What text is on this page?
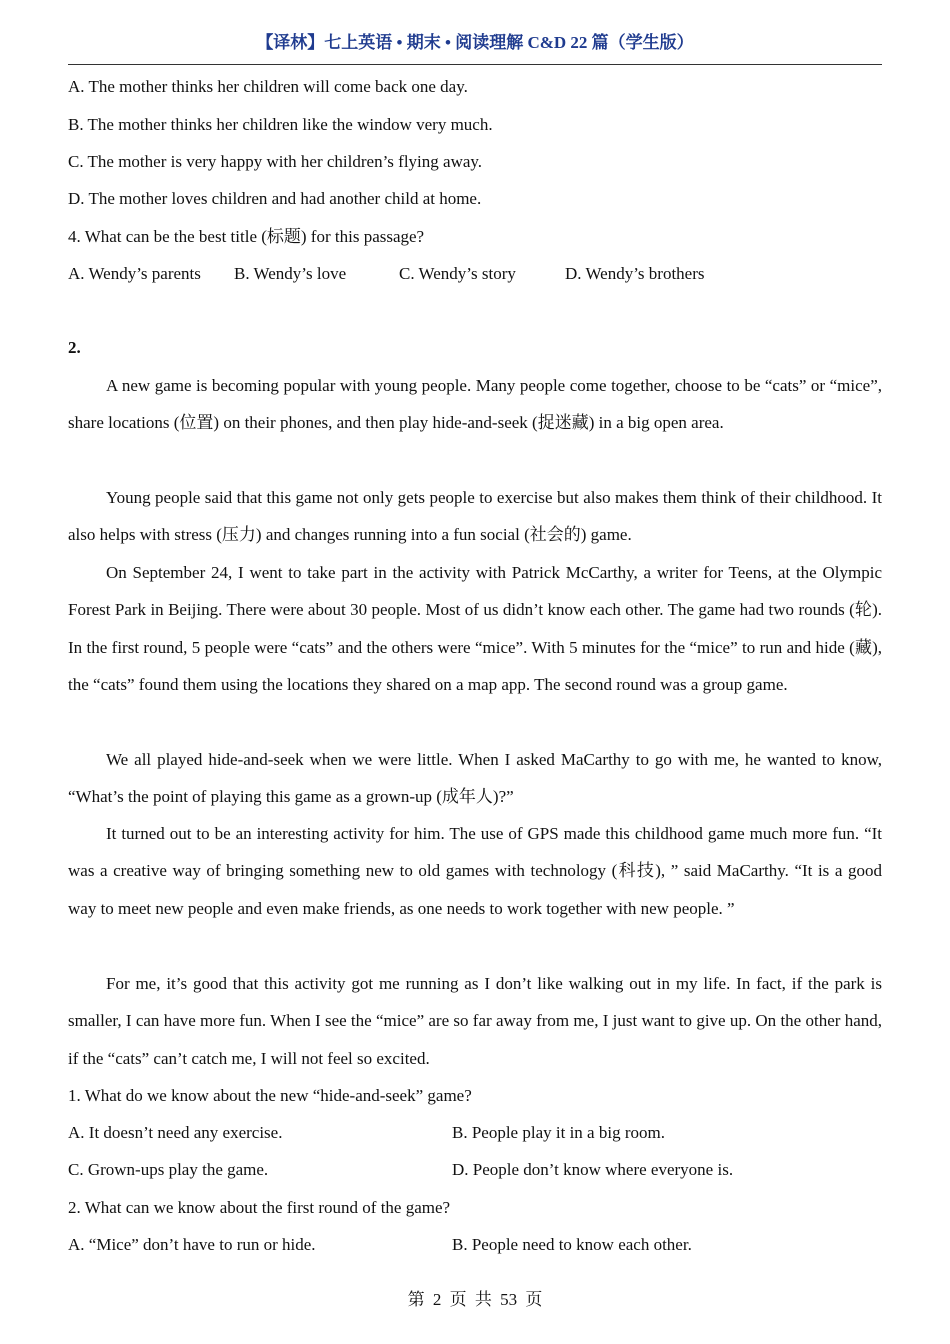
【译林】七上英语 • 期末 • 阅读理解 C&D 22 篇（学生版）
A. The mother thinks her children will come back one day.
B. The mother thinks her children like the window very much.
C. The mother is very happy with her children’s flying away.
D. The mother loves children and had another child at home.
4. What can be the best title (标题) for this passage?
A. Wendy’s parents B. Wendy’s love	C. Wendy’s story	D. Wendy’s brothers
2.
A new game is becoming popular with young people. Many people come together, choose to be “cats” or “mice”, share locations (位置) on their phones, and then play hide-and-seek (捉迷藏) in a big open area.
Young people said that this game not only gets people to exercise but also makes them think of their childhood. It also helps with stress (压力) and changes running into a fun social (社会的) game.
On September 24, I went to take part in the activity with Patrick McCarthy, a writer for Teens, at the Olympic Forest Park in Beijing. There were about 30 people. Most of us didn’t know each other. The game had two rounds (轮). In the first round, 5 people were “cats” and the others were “mice”. With 5 minutes for the “mice” to run and hide (藏), the “cats” found them using the locations they shared on a map app. The second round was a group game.
We all played hide-and-seek when we were little. When I asked MaCarthy to go with me, he wanted to know, “What’s the point of playing this game as a grown-up (成年人)?”
It turned out to be an interesting activity for him. The use of GPS made this childhood game much more fun. “It was a creative way of bringing something new to old games with technology (科技), ” said MaCarthy. “It is a good way to meet new people and even make friends, as one needs to work together with new people. ”
For me, it’s good that this activity got me running as I don’t like walking out in my life. In fact, if the park is smaller, I can have more fun. When I see the “mice” are so far away from me, I just want to give up. On the other hand, if the “cats” can’t catch me, I will not feel so excited.
1. What do we know about the new “hide-and-seek” game?
A. It doesn’t need any exercise.	B. People play it in a big room.
C. Grown-ups play the game.	D. People don’t know where everyone is.
2. What can we know about the first round of the game?
A. “Mice” don’t have to run or hide.	B. People need to know each other.
第 2 页 共 53 页
